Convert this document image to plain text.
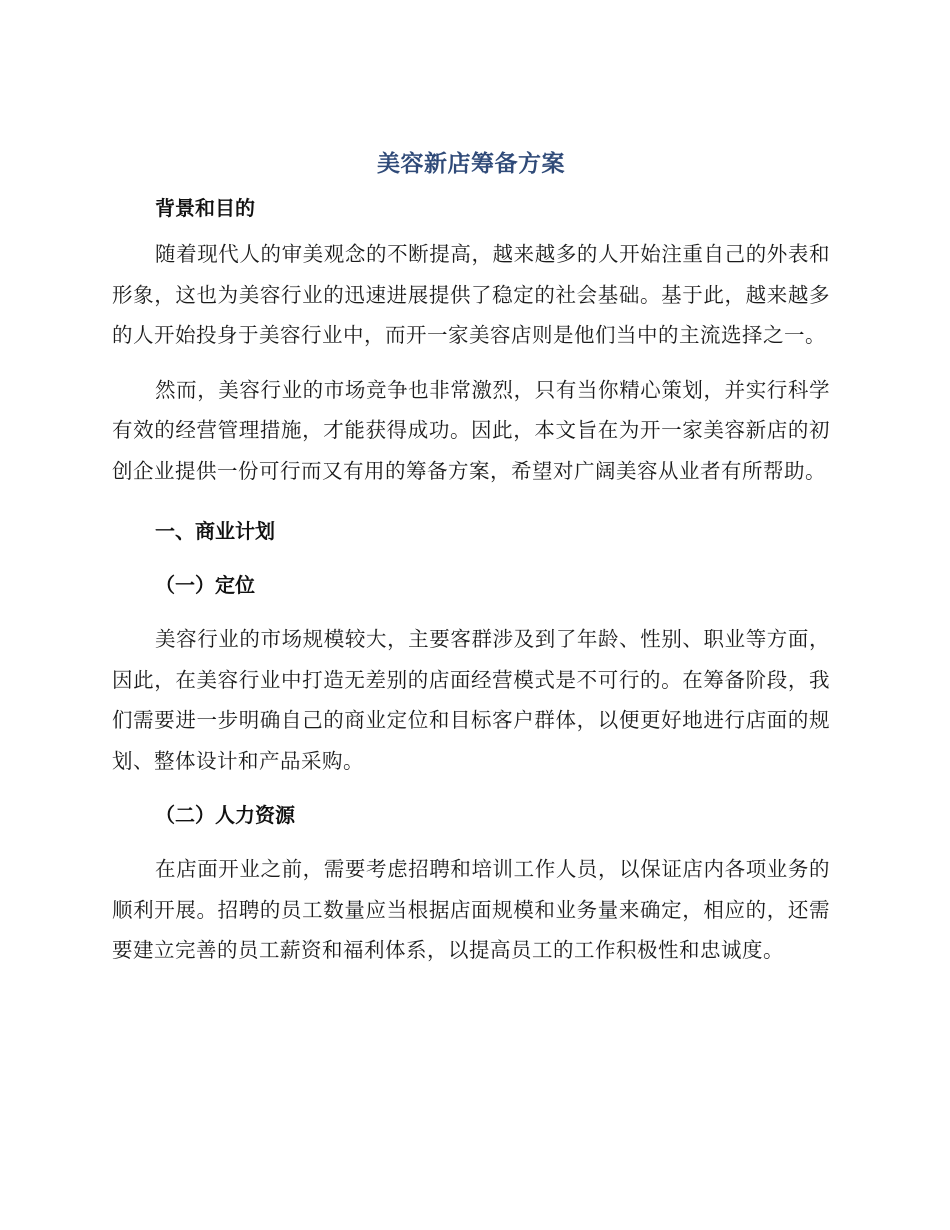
美容新店筹备方案
背景和目的

随着现代人的审美观念的不断提高，越来越多的人开始注重自己的外表和形象，这也为美容行业的迅速进展提供了稳定的社会基础。基于此，越来越多的人开始投身于美容行业中，而开一家美容店则是他们当中的主流选择之一。

然而，美容行业的市场竞争也非常激烈，只有当你精心策划，并实行科学有效的经营管理措施，才能获得成功。因此，本文旨在为开一家美容新店的初创企业提供一份可行而又有用的筹备方案，希望对广阔美容从业者有所帮助。

一、商业计划
（一）定位

美容行业的市场规模较大，主要客群涉及到了年龄、性别、职业等方面，因此，在美容行业中打造无差别的店面经营模式是不可行的。在筹备阶段，我们需要进一步明确自己的商业定位和目标客户群体，以便更好地进行店面的规划、整体设计和产品采购。

（二）人力资源

在店面开业之前，需要考虑招聘和培训工作人员，以保证店内各项业务的顺利开展。招聘的员工数量应当根据店面规模和业务量来确定，相应的，还需要建立完善的员工薪资和福利体系，以提高员工的工作积极性和忠诚度。
